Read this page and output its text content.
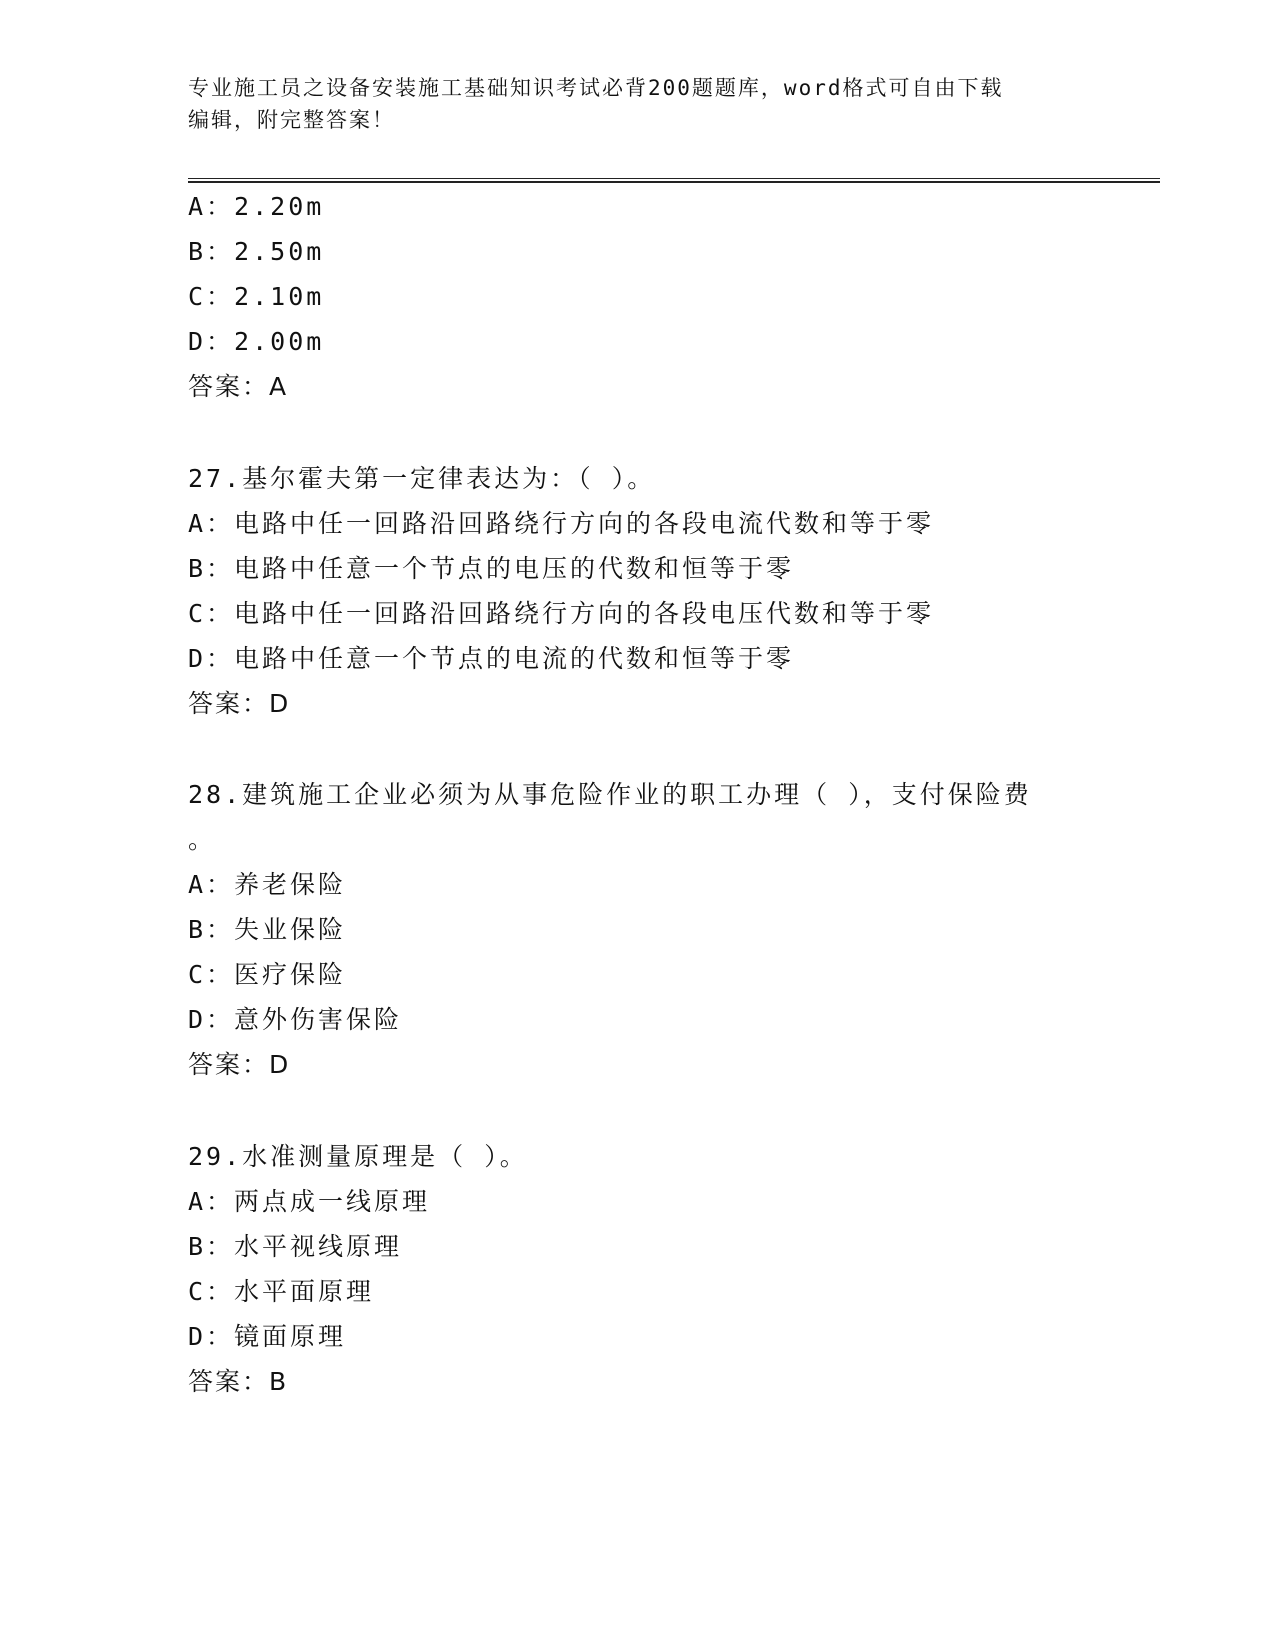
专业施工员之设备安装施工基础知识考试必背200题题库，word格式可自由下载
编辑，附完整答案！
A：2.20m
B：2.50m
C：2.10m
D：2.00m
答案：A
27.基尔霍夫第一定律表达为：（ ）。
A：电路中任一回路沿回路绕行方向的各段电流代数和等于零
B：电路中任意一个节点的电压的代数和恒等于零
C：电路中任一回路沿回路绕行方向的各段电压代数和等于零
D：电路中任意一个节点的电流的代数和恒等于零
答案：D
28.建筑施工企业必须为从事危险作业的职工办理（ ），支付保险费
。
A：养老保险
B：失业保险
C：医疗保险
D：意外伤害保险
答案：D
29.水准测量原理是（ ）。
A：两点成一线原理
B：水平视线原理
C：水平面原理
D：镜面原理
答案：B
